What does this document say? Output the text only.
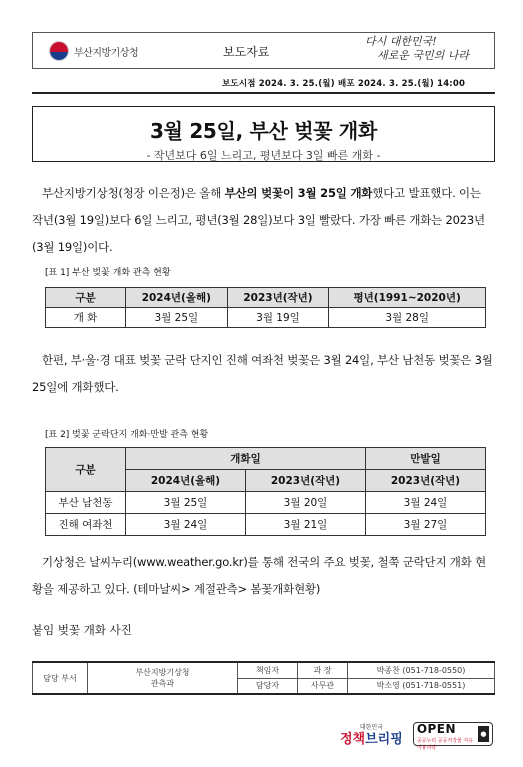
부산지방기상청	보도자료
다시 대한민국!
새로운 국민의 나라
보도시점 2024. 3. 25.(월) 배포 2024. 3. 25.(월) 14:00
3월 25일, 부산 벚꽃 개화
- 작년보다 6일 느리고, 평년보다 3일 빠른 개화 -

부산지방기상청(청장 이은정)은 올해 부산의 벚꽃이 3월 25일 개화했다고 발표했다. 이는 작년(3월 19일)보다 6일 느리고, 평년(3월 28일)보다 3일 빨랐다. 가장 빠른 개화는 2023년(3월 19일)이다.

[표 1] 부산 벚꽃 개화 관측 현황
구분	2024년(올해)	2023년(작년)	평년(1991~2020년)
개 화	3월 25일	3월 19일	3월 28일

한편, 부·울·경 대표 벚꽃 군락 단지인 진해 여좌천 벚꽃은 3월 24일, 부산 남천동 벚꽃은 3월 25일에 개화했다.

[표 2] 벚꽃 군락단지 개화·만발 관측 현황
구분	개화일		만발일
	2024년(올해)	2023년(작년)	2023년(작년)
부산 남천동	3월 25일	3월 20일	3월 24일
진해 여좌천	3월 24일	3월 21일	3월 27일

기상청은 날씨누리(www.weather.go.kr)를 통해 전국의 주요 벚꽃, 철쭉 군락단지 개화 현황을 제공하고 있다. (테마날씨> 계절관측> 봄꽃개화현황)

붙임 벚꽃 개화 사진
담당 부서	부산지방기상청
관측과	책임자	과 장	박종찬 (051-718-0550)
		담당자	사무관	박소영 (051-718-0551)
대한민국
정책브리핑
OPEN
공공누리 공공저작물 자유이용허락
●
